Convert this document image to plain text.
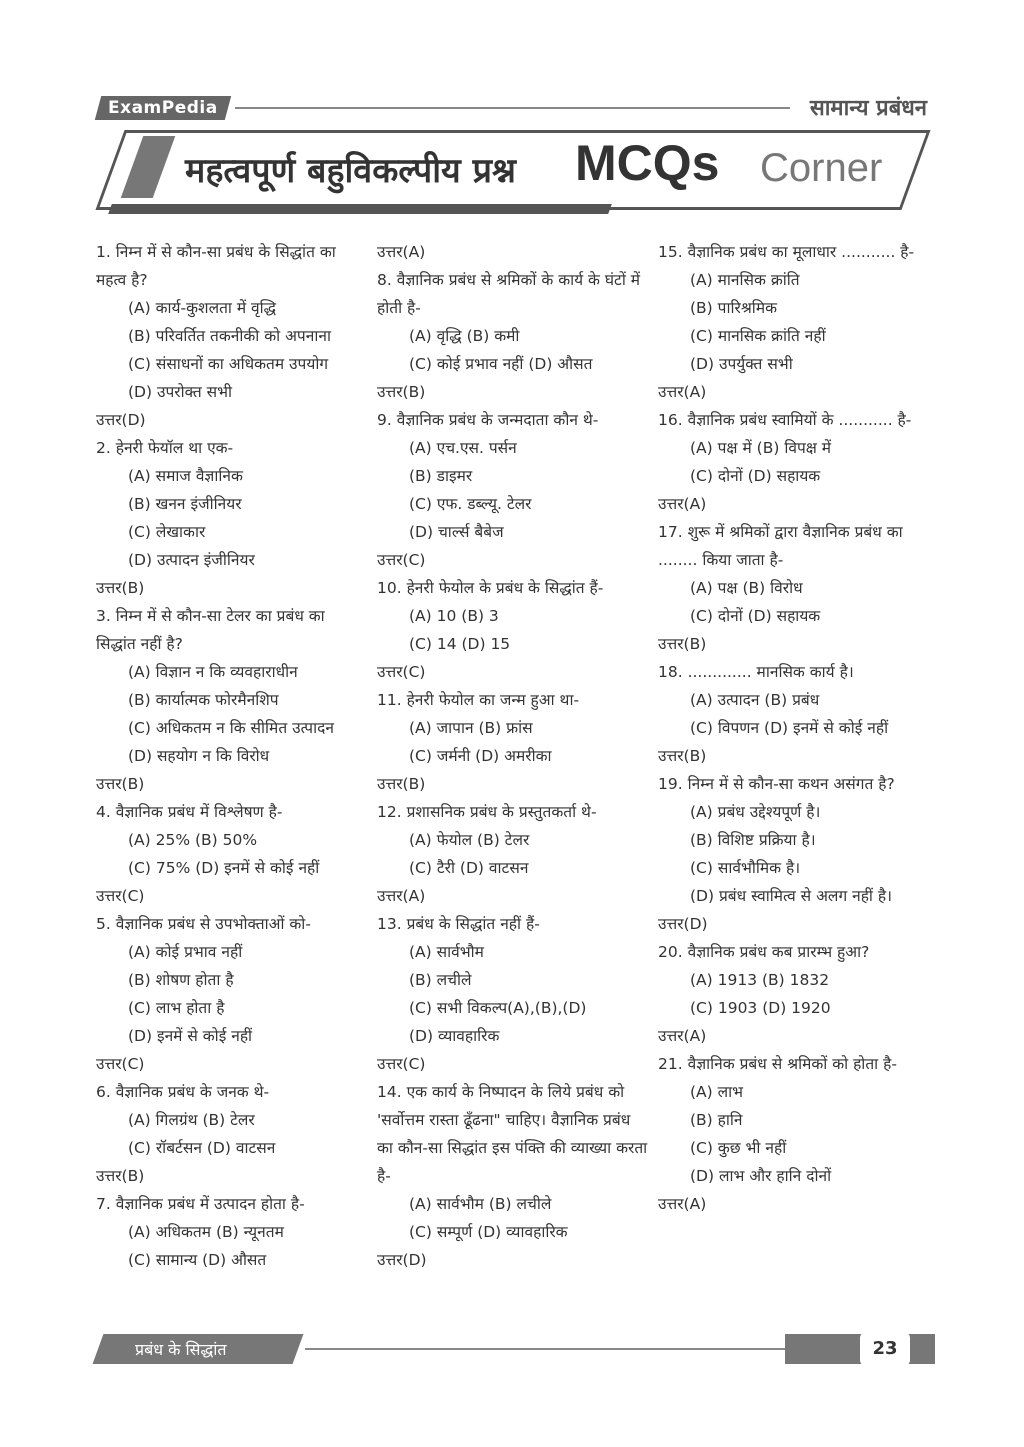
ExamPedia	सामान्य प्रबंधन
महत्वपूर्ण बहुविकल्पीय प्रश्न MCQs Corner
1. निम्न में से कौन-सा प्रबंध के सिद्धांत का महत्व है?
(A) कार्य-कुशलता में वृद्धि
(B) परिवर्तित तकनीकी को अपनाना
(C) संसाधनों का अधिकतम उपयोग
(D) उपरोक्त सभी
उत्तर(D)
2. हेनरी फेयॉल था एक-
(A) समाज वैज्ञानिक
(B) खनन इंजीनियर
(C) लेखाकार
(D) उत्पादन इंजीनियर
उत्तर(B)
3. निम्न में से कौन-सा टेलर का प्रबंध का सिद्धांत नहीं है?
(A) विज्ञान न कि व्यवहाराधीन
(B) कार्यात्मक फोरमैनशिप
(C) अधिकतम न कि सीमित उत्पादन
(D) सहयोग न कि विरोध
उत्तर(B)
4. वैज्ञानिक प्रबंध में विश्लेषण है-
(A) 25% (B) 50%
(C) 75% (D) इनमें से कोई नहीं
उत्तर(C)
5. वैज्ञानिक प्रबंध से उपभोक्ताओं को-
(A) कोई प्रभाव नहीं
(B) शोषण होता है
(C) लाभ होता है
(D) इनमें से कोई नहीं
उत्तर(C)
6. वैज्ञानिक प्रबंध के जनक थे-
(A) गिलग्रंथ (B) टेलर
(C) रॉबर्टसन (D) वाटसन
उत्तर(B)
7. वैज्ञानिक प्रबंध में उत्पादन होता है-
(A) अधिकतम (B) न्यूनतम
(C) सामान्य (D) औसत
उत्तर(A)
8. वैज्ञानिक प्रबंध से श्रमिकों के कार्य के घंटों में होती है-
(A) वृद्धि (B) कमी
(C) कोई प्रभाव नहीं (D) औसत
उत्तर(B)
9. वैज्ञानिक प्रबंध के जन्मदाता कौन थे-
(A) एच.एस. पर्सन
(B) डाइमर
(C) एफ. डब्ल्यू. टेलर
(D) चार्ल्स बैबेज
उत्तर(C)
10. हेनरी फेयोल के प्रबंध के सिद्धांत हैं-
(A) 10 (B) 3
(C) 14 (D) 15
उत्तर(C)
11. हेनरी फेयोल का जन्म हुआ था-
(A) जापान (B) फ्रांस
(C) जर्मनी (D) अमरीका
उत्तर(B)
12. प्रशासनिक प्रबंध के प्रस्तुतकर्ता थे-
(A) फेयोल (B) टेलर
(C) टैरी (D) वाटसन
उत्तर(A)
13. प्रबंध के सिद्धांत नहीं हैं-
(A) सार्वभौम
(B) लचीले
(C) सभी विकल्प(A),(B),(D)
(D) व्यावहारिक
उत्तर(C)
14. एक कार्य के निष्पादन के लिये प्रबंध को 'सर्वोत्तम रास्ता ढूँढना" चाहिए। वैज्ञानिक प्रबंध का कौन-सा सिद्धांत इस पंक्ति की व्याख्या करता है-
(A) सार्वभौम (B) लचीले
(C) सम्पूर्ण (D) व्यावहारिक
उत्तर(D)
15. वैज्ञानिक प्रबंध का मूलाधार ........... है-
(A) मानसिक क्रांति
(B) पारिश्रमिक
(C) मानसिक क्रांति नहीं
(D) उपर्युक्त सभी
उत्तर(A)
16. वैज्ञानिक प्रबंध स्वामियों के ........... है-
(A) पक्ष में (B) विपक्ष में
(C) दोनों (D) सहायक
उत्तर(A)
17. शुरू में श्रमिकों द्वारा वैज्ञानिक प्रबंध का ........ किया जाता है-
(A) पक्ष (B) विरोध
(C) दोनों (D) सहायक
उत्तर(B)
18. ............. मानसिक कार्य है।
(A) उत्पादन (B) प्रबंध
(C) विपणन (D) इनमें से कोई नहीं
उत्तर(B)
19. निम्न में से कौन-सा कथन असंगत है?
(A) प्रबंध उद्देश्यपूर्ण है।
(B) विशिष्ट प्रक्रिया है।
(C) सार्वभौमिक है।
(D) प्रबंध स्वामित्व से अलग नहीं है।
उत्तर(D)
20. वैज्ञानिक प्रबंध कब प्रारम्भ हुआ?
(A) 1913 (B) 1832
(C) 1903 (D) 1920
उत्तर(A)
21. वैज्ञानिक प्रबंध से श्रमिकों को होता है-
(A) लाभ
(B) हानि
(C) कुछ भी नहीं
(D) लाभ और हानि दोनों
उत्तर(A)
प्रबंध के सिद्धांत	23
